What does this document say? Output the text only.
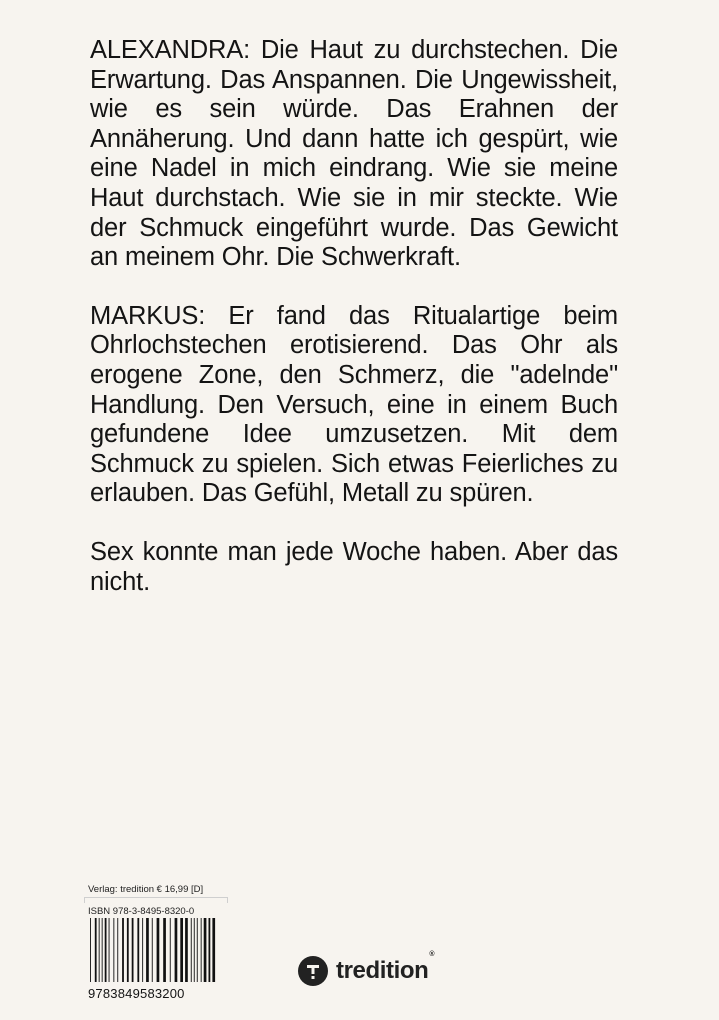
ALEXANDRA: Die Haut zu durchstechen. Die Erwartung. Das Anspannen. Die Ungewissheit, wie es sein würde. Das Erahnen der Annäherung. Und dann hatte ich gespürt, wie eine Nadel in mich eindrang. Wie sie meine Haut durchstach. Wie sie in mir steckte. Wie der Schmuck eingeführt wurde. Das Gewicht an meinem Ohr. Die Schwerkraft.

MARKUS: Er fand das Ritualartige beim Ohrlochstechen erotisierend. Das Ohr als erogene Zone, den Schmerz, die "adelnde" Handlung. Den Versuch, eine in einem Buch gefundene Idee umzusetzen. Mit dem Schmuck zu spielen. Sich etwas Feierliches zu erlauben. Das Gefühl, Metall zu spüren.

Sex konnte man jede Woche haben. Aber das nicht.

Verlag: tredition € 16,99 [D]
ISBN 978-3-8495-8320-0
9783849583200
tredition®
